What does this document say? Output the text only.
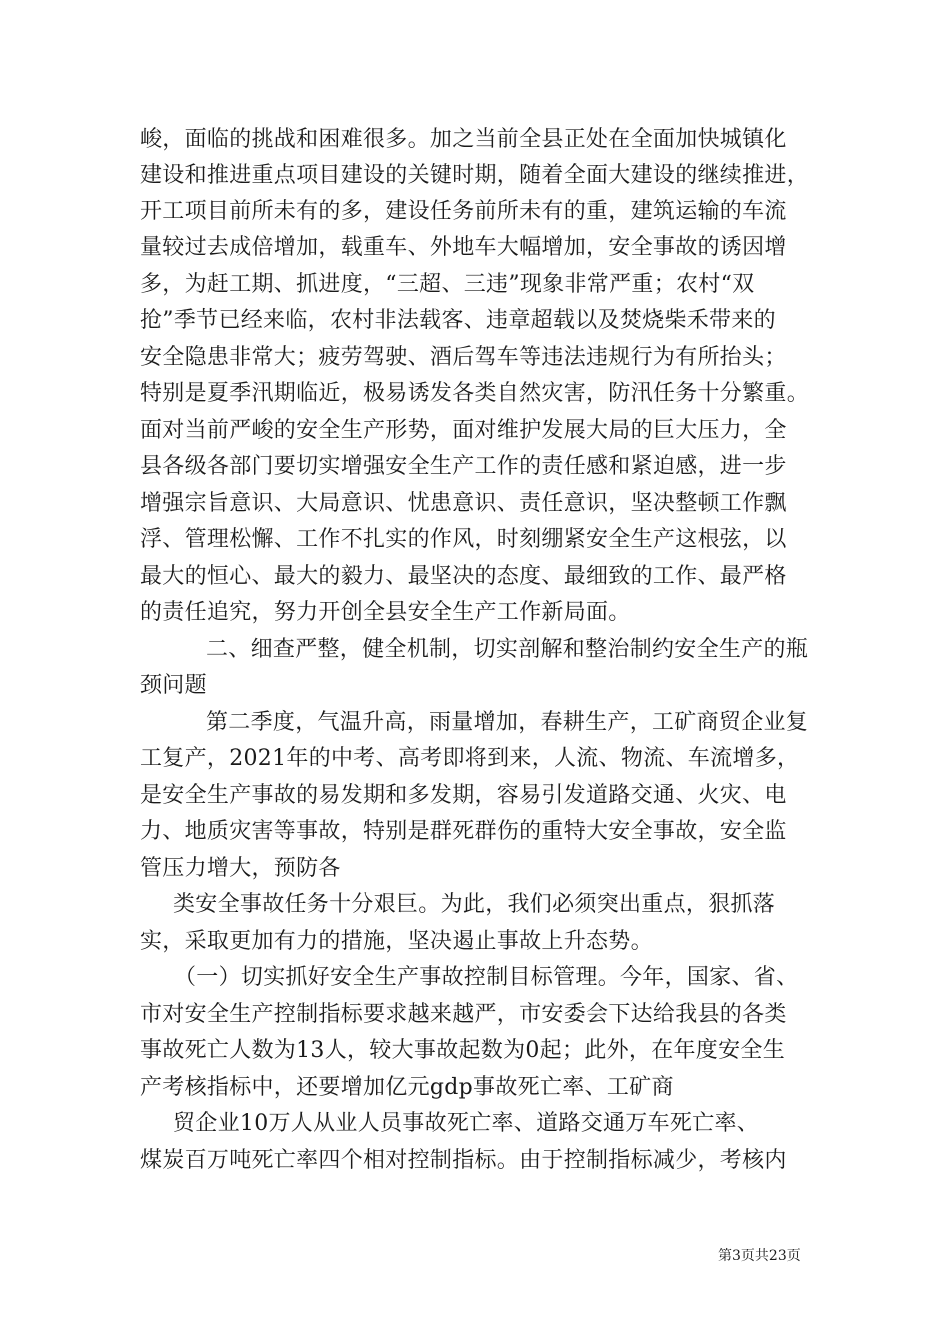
峻，面临的挑战和困难很多。加之当前全县正处在全面加快城镇化
建设和推进重点项目建设的关键时期，随着全面大建设的继续推进，
开工项目前所未有的多，建设任务前所未有的重，建筑运输的车流
量较过去成倍增加，载重车、外地车大幅增加，安全事故的诱因增
多，为赶工期、抓进度，“三超、三违”现象非常严重；农村“双
抢”季节已经来临，农村非法载客、违章超载以及焚烧柴禾带来的
安全隐患非常大；疲劳驾驶、酒后驾车等违法违规行为有所抬头；
特别是夏季汛期临近，极易诱发各类自然灾害，防汛任务十分繁重。
面对当前严峻的安全生产形势，面对维护发展大局的巨大压力，全
县各级各部门要切实增强安全生产工作的责任感和紧迫感，进一步
增强宗旨意识、大局意识、忧患意识、责任意识，坚决整顿工作飘
浮、管理松懈、工作不扎实的作风，时刻绷紧安全生产这根弦，以
最大的恒心、最大的毅力、最坚决的态度、最细致的工作、最严格
的责任追究，努力开创全县安全生产工作新局面。
二、细查严整，健全机制，切实剖解和整治制约安全生产的瓶
颈问题
第二季度，气温升高，雨量增加，春耕生产，工矿商贸企业复
工复产，2021年的中考、高考即将到来，人流、物流、车流增多，
是安全生产事故的易发期和多发期，容易引发道路交通、火灾、电
力、地质灾害等事故，特别是群死群伤的重特大安全事故，安全监
管压力增大，预防各
类安全事故任务十分艰巨。为此，我们必须突出重点，狠抓落
实，采取更加有力的措施，坚决遏止事故上升态势。
（一）切实抓好安全生产事故控制目标管理。今年，国家、省、
市对安全生产控制指标要求越来越严，市安委会下达给我县的各类
事故死亡人数为13人，较大事故起数为0起；此外，在年度安全生
产考核指标中，还要增加亿元gdp事故死亡率、工矿商
贸企业10万人从业人员事故死亡率、道路交通万车死亡率、
煤炭百万吨死亡率四个相对控制指标。由于控制指标减少，考核内
第3页共23页
